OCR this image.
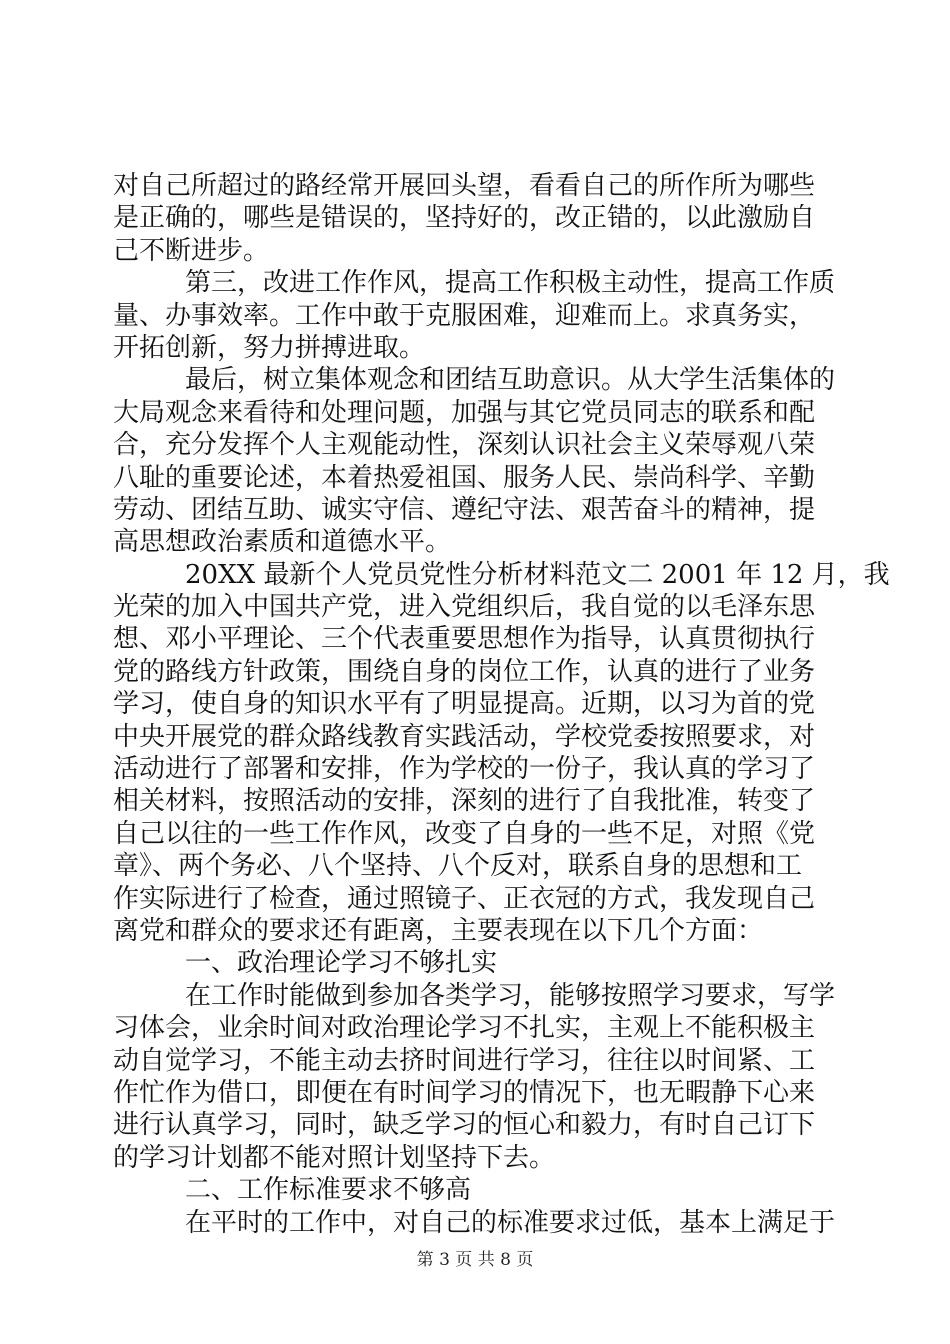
对自己所超过的路经常开展回头望，看看自己的所作所为哪些
是正确的，哪些是错误的，坚持好的，改正错的，以此激励自
己不断进步。
第三，改进工作作风，提高工作积极主动性，提高工作质
量、办事效率。工作中敢于克服困难，迎难而上。求真务实，
开拓创新，努力拼搏进取。
最后，树立集体观念和团结互助意识。从大学生活集体的
大局观念来看待和处理问题，加强与其它党员同志的联系和配
合，充分发挥个人主观能动性，深刻认识社会主义荣辱观八荣
八耻的重要论述，本着热爱祖国、服务人民、崇尚科学、辛勤
劳动、团结互助、诚实守信、遵纪守法、艰苦奋斗的精神，提
高思想政治素质和道德水平。
20XX 最新个人党员党性分析材料范文二 2001 年 12 月，我
光荣的加入中国共产党，进入党组织后，我自觉的以毛泽东思
想、邓小平理论、三个代表重要思想作为指导，认真贯彻执行
党的路线方针政策，围绕自身的岗位工作，认真的进行了业务
学习，使自身的知识水平有了明显提高。近期，以习为首的党
中央开展党的群众路线教育实践活动，学校党委按照要求，对
活动进行了部署和安排，作为学校的一份子，我认真的学习了
相关材料，按照活动的安排，深刻的进行了自我批准，转变了
自己以往的一些工作作风，改变了自身的一些不足，对照《党
章》、两个务必、八个坚持、八个反对，联系自身的思想和工
作实际进行了检查，通过照镜子、正衣冠的方式，我发现自己
离党和群众的要求还有距离，主要表现在以下几个方面：
一、政治理论学习不够扎实
在工作时能做到参加各类学习，能够按照学习要求，写学
习体会，业余时间对政治理论学习不扎实，主观上不能积极主
动自觉学习，不能主动去挤时间进行学习，往往以时间紧、工
作忙作为借口，即便在有时间学习的情况下，也无暇静下心来
进行认真学习，同时，缺乏学习的恒心和毅力，有时自己订下
的学习计划都不能对照计划坚持下去。
二、工作标准要求不够高
在平时的工作中，对自己的标准要求过低，基本上满足于
第 3 页 共 8 页
